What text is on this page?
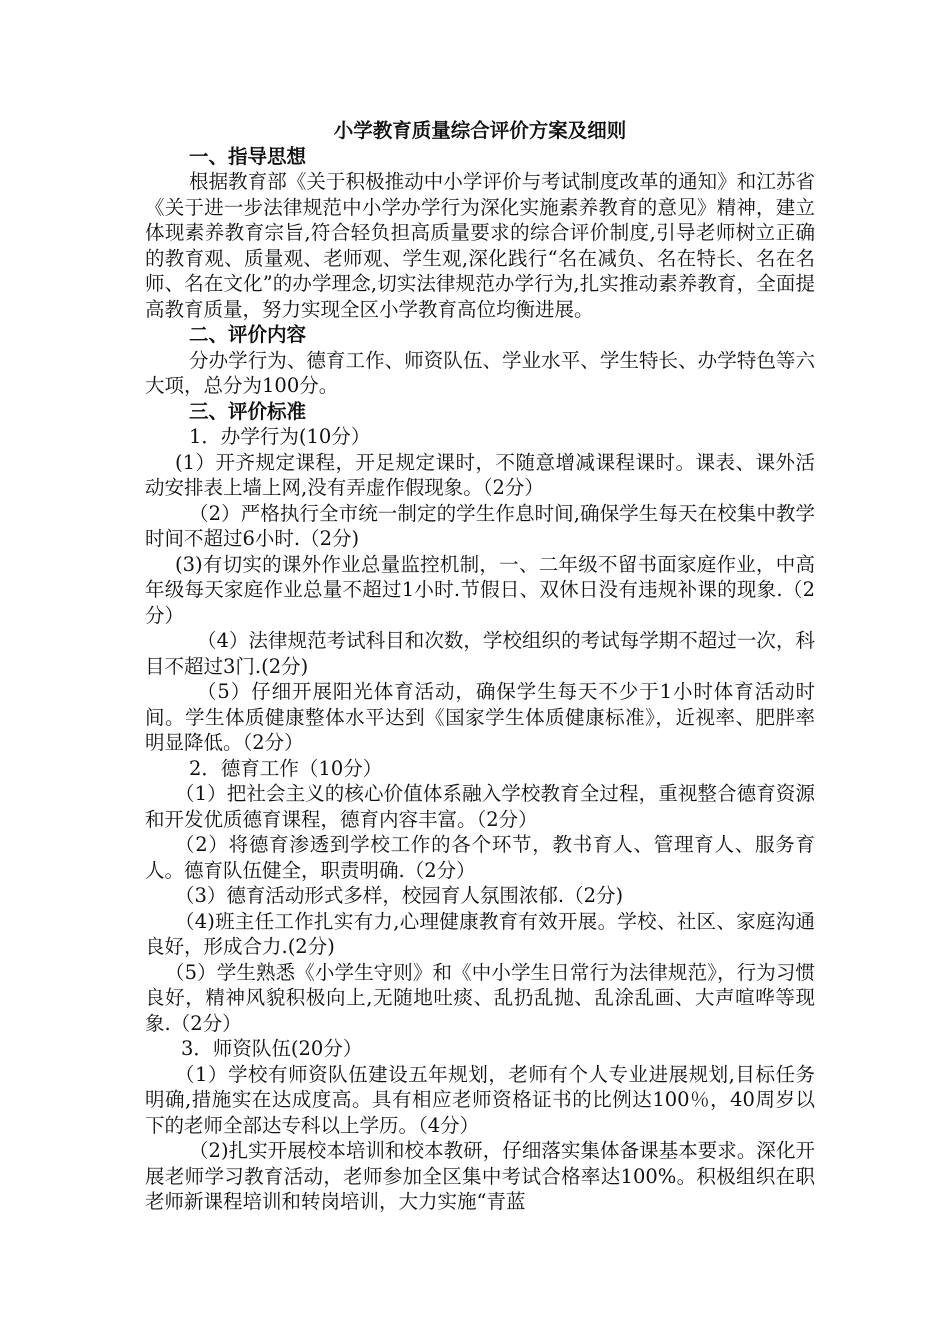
小学教育质量综合评价方案及细则

一、指导思想

根据教育部《关于积极推动中小学评价与考试制度改革的通知》和江苏省《关于进一步法律规范中小学办学行为深化实施素养教育的意见》精神，建立体现素养教育宗旨,符合轻负担高质量要求的综合评价制度,引导老师树立正确的教育观、质量观、老师观、学生观,深化践行“名在减负、名在特长、名在名师、名在文化”的办学理念,切实法律规范办学行为,扎实推动素养教育，全面提高教育质量，努力实现全区小学教育高位均衡进展。

二、评价内容

分办学行为、德育工作、师资队伍、学业水平、学生特长、办学特色等六大项，总分为100分。

三、评价标准

1．办学行为(10分）

(1）开齐规定课程，开足规定课时，不随意增减课程课时。课表、课外活动安排表上墙上网,没有弄虚作假现象。（2分）

（2）严格执行全市统一制定的学生作息时间,确保学生每天在校集中教学时间不超过6小时.（2分)

(3)有切实的课外作业总量监控机制，一、二年级不留书面家庭作业，中高年级每天家庭作业总量不超过1小时.节假日、双休日没有违规补课的现象.（2分）

（4）法律规范考试科目和次数，学校组织的考试每学期不超过一次，科目不超过3门.(2分)

（5）仔细开展阳光体育活动，确保学生每天不少于1小时体育活动时间。学生体质健康整体水平达到《国家学生体质健康标准》，近视率、肥胖率明显降低。（2分）

2．德育工作（10分）

（1）把社会主义的核心价值体系融入学校教育全过程，重视整合德育资源和开发优质德育课程，德育内容丰富。（2分）

（2）将德育渗透到学校工作的各个环节，教书育人、管理育人、服务育人。德育队伍健全，职责明确.（2分）

（3）德育活动形式多样，校园育人氛围浓郁.（2分)

（4)班主任工作扎实有力,心理健康教育有效开展。学校、社区、家庭沟通良好，形成合力.(2分)

（5）学生熟悉《小学生守则》和《中小学生日常行为法律规范》，行为习惯良好，精神风貌积极向上,无随地吐痰、乱扔乱抛、乱涂乱画、大声喧哗等现象.（2分）

3．师资队伍(20分）

（1）学校有师资队伍建设五年规划，老师有个人专业进展规划,目标任务明确,措施实在达成度高。具有相应老师资格证书的比例达100％，40周岁以下的老师全部达专科以上学历。（4分）

（2)扎实开展校本培训和校本教研，仔细落实集体备课基本要求。深化开展老师学习教育活动，老师参加全区集中考试合格率达100%。积极组织在职老师新课程培训和转岗培训，大力实施“青蓝
